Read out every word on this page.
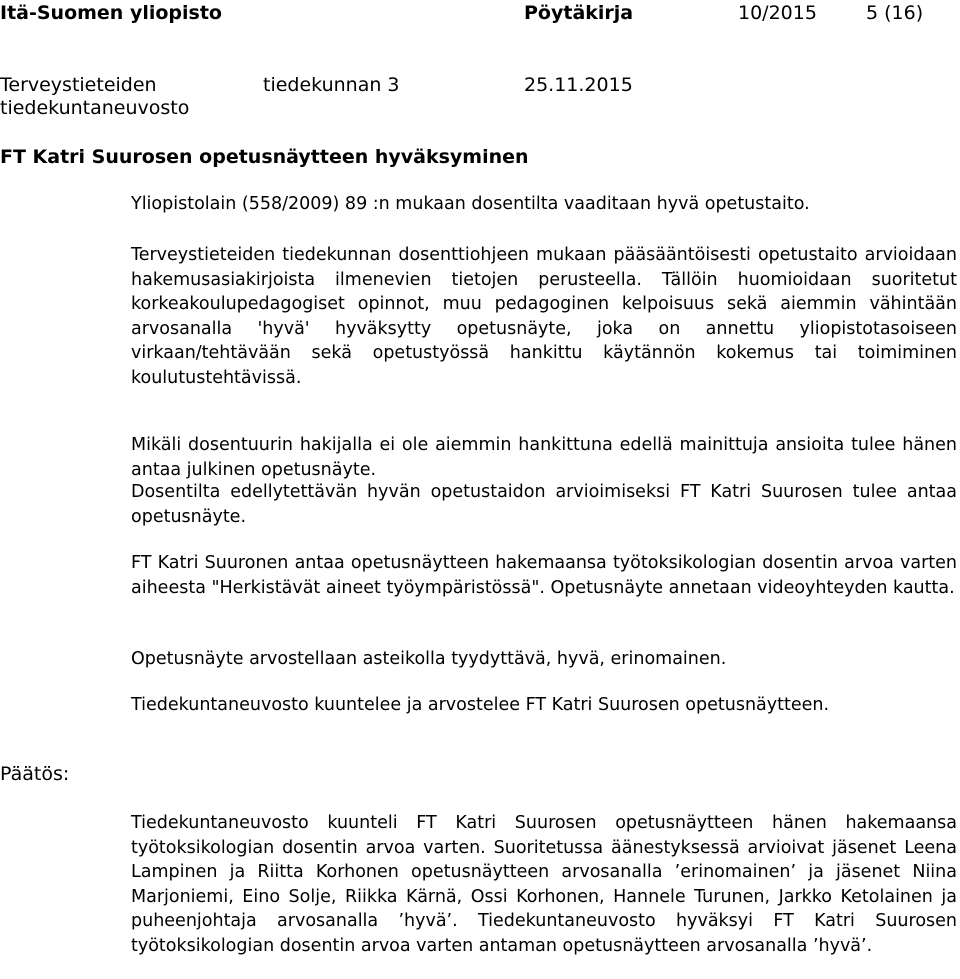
Itä-Suomen yliopisto	Pöytäkirja	10/2015	5 (16)
Terveystieteiden
tiedekuntaneuvosto
tiedekunnan 3	25.11.2015
FT Katri Suurosen opetusnäytteen hyväksyminen

Yliopistolain (558/2009) 89 :n mukaan dosentilta vaaditaan hyvä opetustaito.

Terveystieteiden tiedekunnan dosenttiohjeen mukaan pääsääntöisesti opetustaito arvioidaan hakemusasiakirjoista ilmenevien tietojen perusteella. Tällöin huomioidaan suoritetut korkeakoulupedagogiset opinnot, muu pedagoginen kelpoisuus sekä aiemmin vähintään arvosanalla 'hyvä' hyväksytty opetusnäyte, joka on annettu yliopistotasoiseen virkaan/tehtävään sekä opetustyössä hankittu käytännön kokemus tai toimiminen koulutustehtävissä.

Mikäli dosentuurin hakijalla ei ole aiemmin hankittuna edellä mainittuja ansioita tulee hänen antaa julkinen opetusnäyte.

Dosentilta edellytettävän hyvän opetustaidon arvioimiseksi FT Katri Suurosen tulee antaa opetusnäyte.

FT Katri Suuronen antaa opetusnäytteen hakemaansa työtoksikologian dosentin arvoa varten aiheesta "Herkistävät aineet työympäristössä". Opetusnäyte annetaan videoyhteyden kautta.

Opetusnäyte arvostellaan asteikolla tyydyttävä, hyvä, erinomainen.

Tiedekuntaneuvosto kuuntelee ja arvostelee FT Katri Suurosen opetusnäytteen.

Päätös:

Tiedekuntaneuvosto kuunteli FT Katri Suurosen opetusnäytteen hänen hakemaansa työtoksikologian dosentin arvoa varten. Suoritetussa äänestyksessä arvioivat jäsenet Leena Lampinen ja Riitta Korhonen opetusnäytteen arvosanalla ’erinomainen’ ja jäsenet Niina Marjoniemi, Eino Solje, Riikka Kärnä, Ossi Korhonen, Hannele Turunen, Jarkko Ketolainen ja puheenjohtaja arvosanalla ’hyvä’. Tiedekuntaneuvosto hyväksyi FT Katri Suurosen työtoksikologian dosentin arvoa varten antaman opetusnäytteen arvosanalla ’hyvä’.
